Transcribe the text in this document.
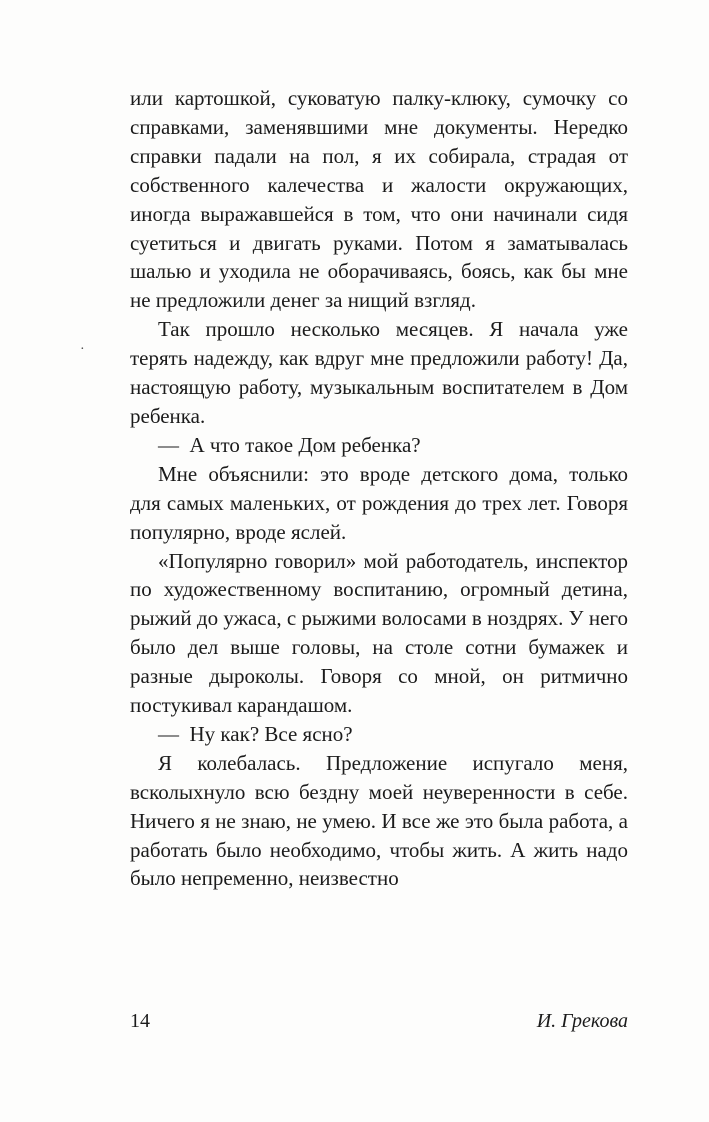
·

или картошкой, суковатую палку-клюку, сумочку со справками, заменявшими мне документы. Нередко справки падали на пол, я их собирала, страдая от собственного калечества и жалости окружающих, иногда выражавшейся в том, что они начинали сидя суетиться и двигать руками. Потом я заматывалась шалью и уходила не оборачиваясь, боясь, как бы мне не предложили денег за нищий взгляд.

Так прошло несколько месяцев. Я начала уже терять надежду, как вдруг мне предложили работу! Да, настоящую работу, музыкальным воспитателем в Дом ребенка.

— А что такое Дом ребенка?

Мне объяснили: это вроде детского дома, только для самых маленьких, от рождения до трех лет. Говоря популярно, вроде яслей.

«Популярно говорил» мой работодатель, инспектор по художественному воспитанию, огромный детина, рыжий до ужаса, с рыжими волосами в ноздрях. У него было дел выше головы, на столе сотни бумажек и разные дыроколы. Говоря со мной, он ритмично постукивал карандашом.

— Ну как? Все ясно?

Я колебалась. Предложение испугало меня, всколыхнуло всю бездну моей неуверенности в себе. Ничего я не знаю, не умею. И все же это была работа, а работать было необходимо, чтобы жить. А жить надо было непременно, неизвестно

14	И. Грекова
